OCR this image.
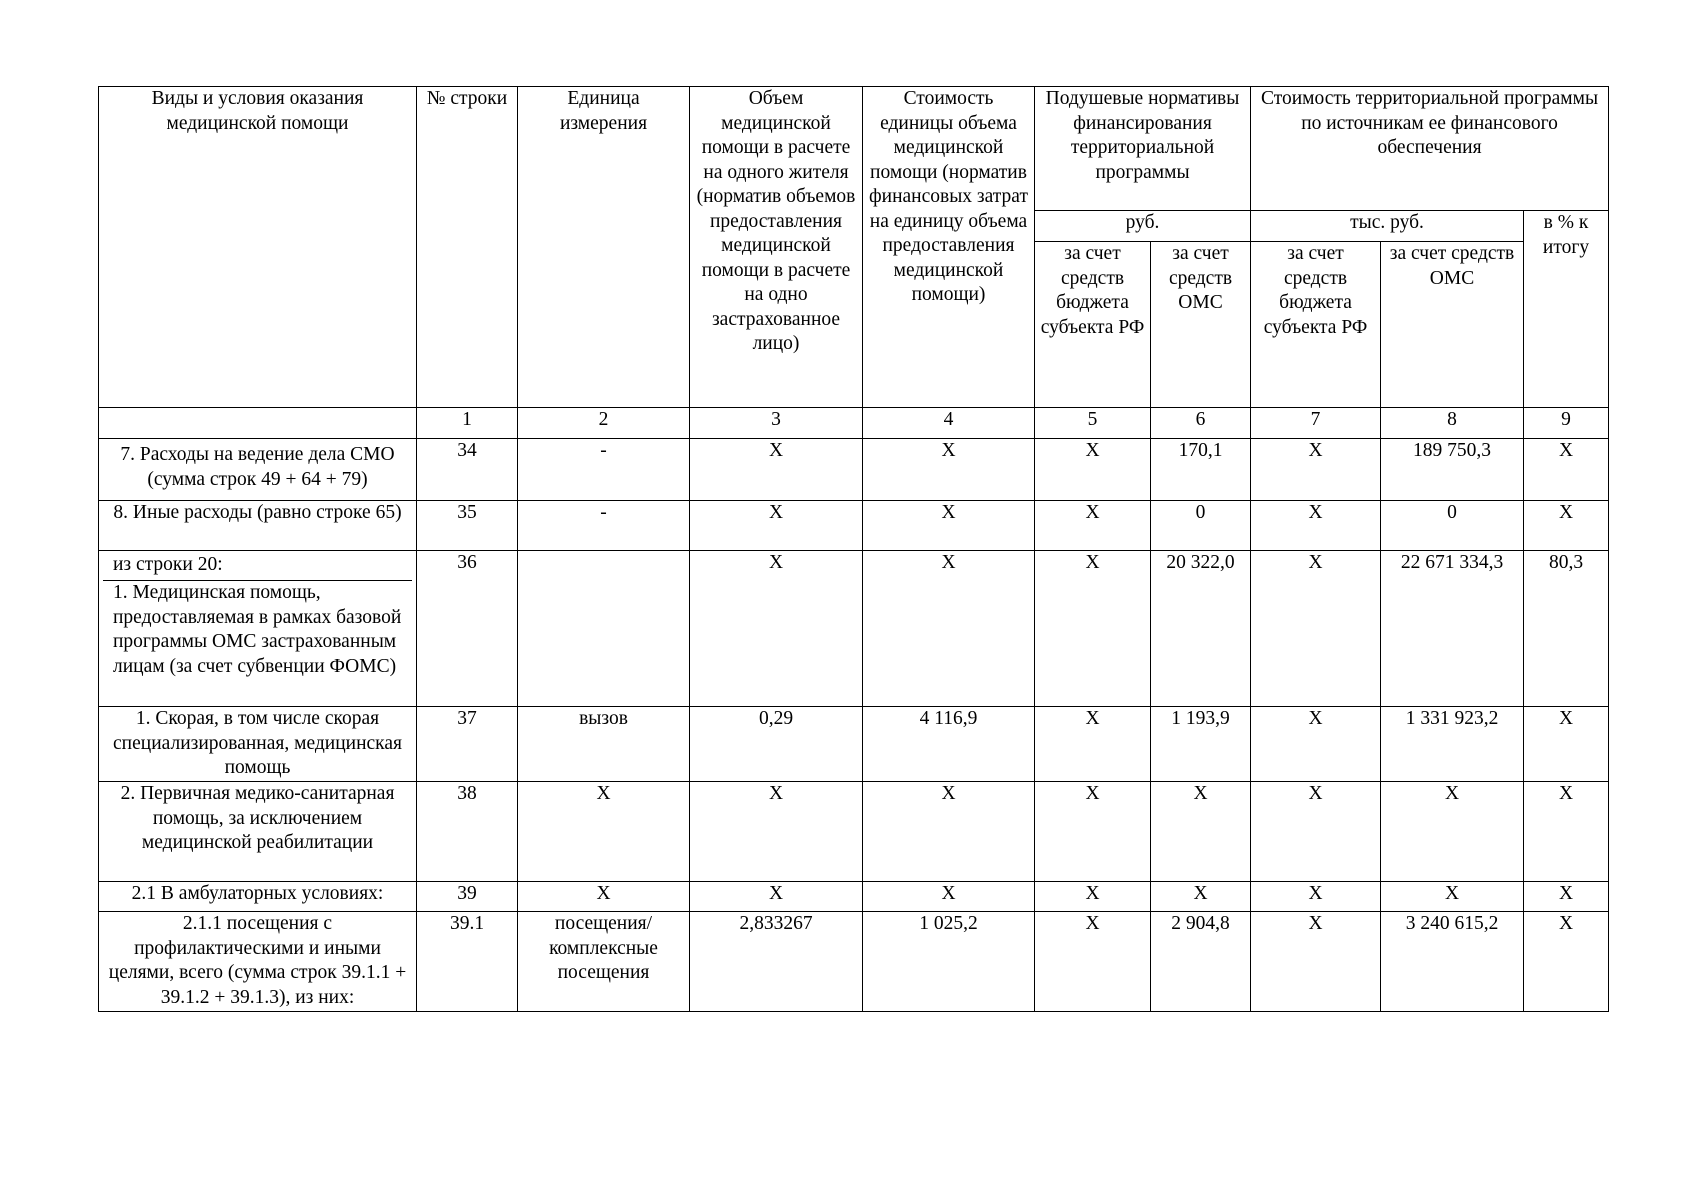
Виды и условия оказания медицинской помощи	№ строки	Единица измерения	Объем медицинской помощи в расчете на одного жителя (норматив объемов предоставления медицинской помощи в расчете на одно застрахованное лицо)	Стоимость единицы объема медицинской помощи (норматив финансовых затрат на единицу объема предоставления медицинской помощи)	Подушевые нормативы финансирования территориальной программы		Стоимость территориальной программы по источникам ее финансового обеспечения		
					руб.		тыс. руб.		в % к итогу
					за счет средств бюджета субъекта РФ	за счет средств ОМС	за счет средств бюджета субъекта РФ	за счет средств ОМС	
	1	2	3	4	5	6	7	8	9
7. Расходы на ведение дела СМО (сумма строк 49 + 64 + 79)	34	-	X	X	X	170,1	X	189 750,3	X
8. Иные расходы (равно строке 65)	35	-	X	X	X	0	X	0	X

из строки 20:
1. Медицинская помощь, предоставляемая в рамках базовой программы ОМС застрахованным лицам (за счет субвенции ФОМС)	36		X	X	X	20 322,0	X	22 671 334,3	80,3
1. Скорая, в том числе скорая специализированная, медицинская помощь	37	вызов	0,29	4 116,9	X	1 193,9	X	1 331 923,2	X
2. Первичная медико-санитарная помощь, за исключением медицинской реабилитации	38	X	X	X	X	X	X	X	X
2.1 В амбулаторных условиях:	39	X	X	X	X	X	X	X	X
2.1.1 посещения с профилактическими и иными целями, всего (сумма строк 39.1.1 + 39.1.2 + 39.1.3), из них:	39.1	посещения/ комплексные посещения	2,833267	1 025,2	X	2 904,8	X	3 240 615,2	X
